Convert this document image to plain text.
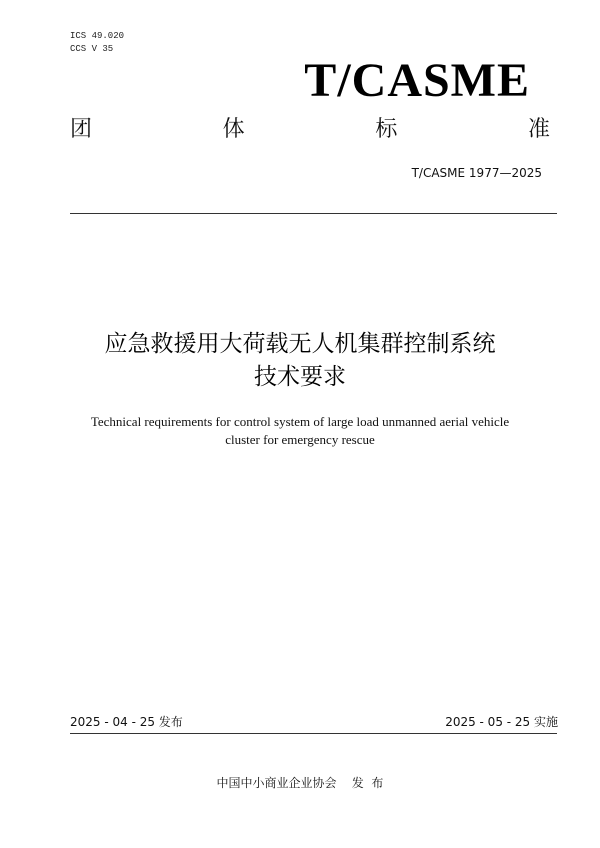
ICS 49.020
CCS V 35
T/CASME
团	体	标	准
T/CASME 1977—2025
应急救援用大荷载无人机集群控制系统
技术要求
Technical requirements for control system of large load unmanned aerial vehicle
cluster for emergency rescue
2025 - 04 - 25 发布	2025 - 05 - 25 实施
中国中小商业企业协会    发  布
